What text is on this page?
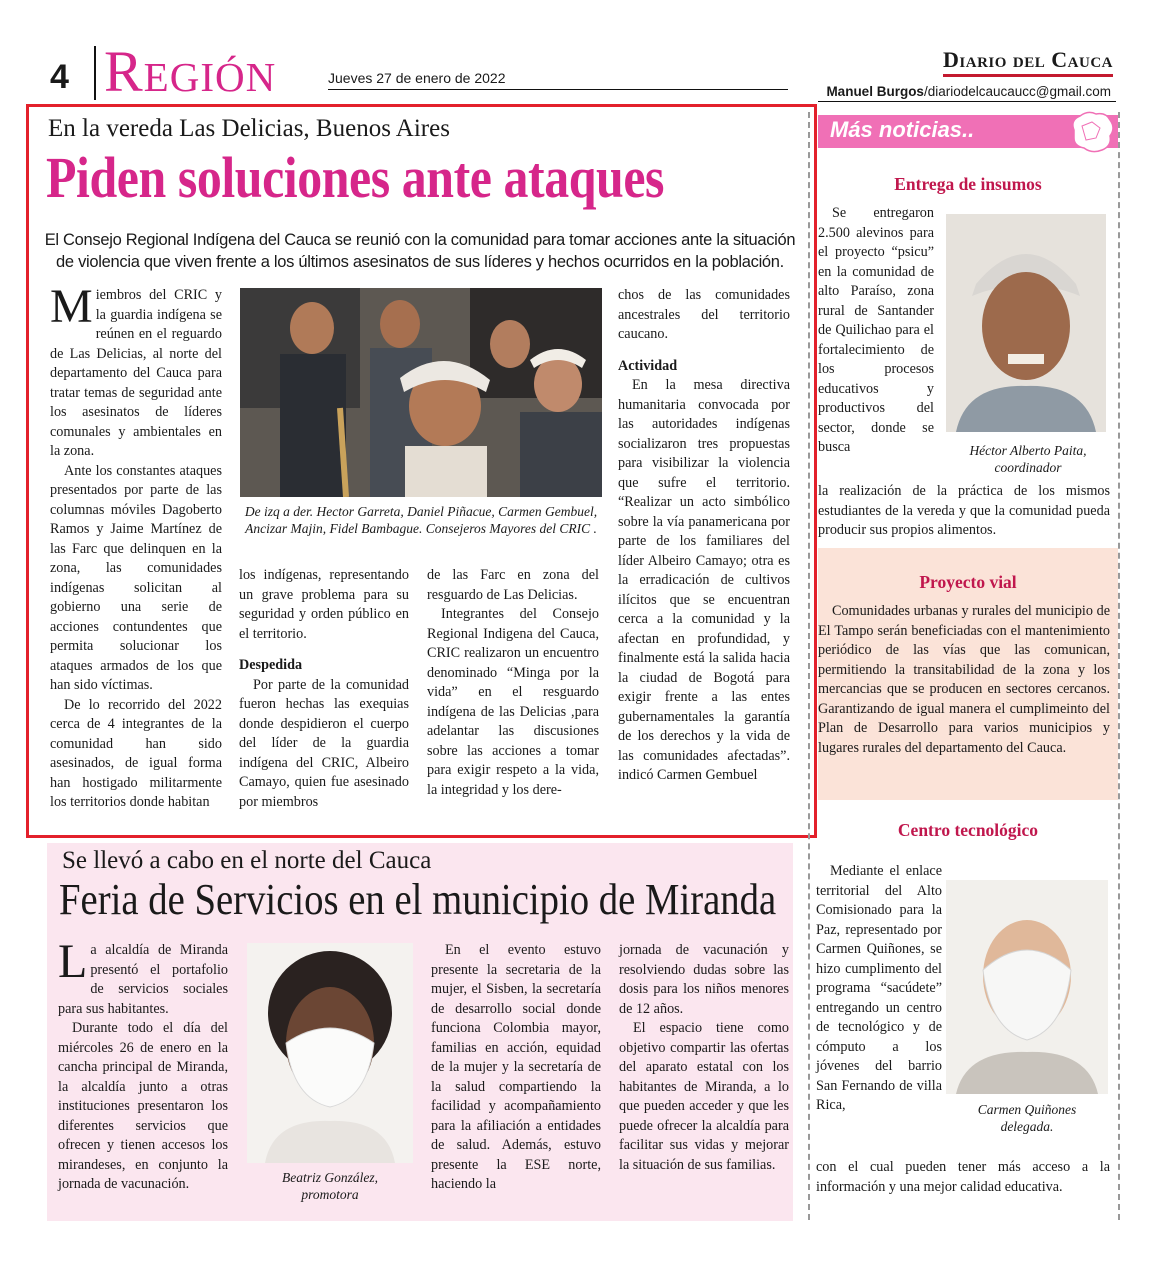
4 Región	Jueves 27 de enero de 2022
Diario del Cauca
Manuel Burgos/diariodelcaucaucc@gmail.com
En la vereda Las Delicias, Buenos Aires
Piden soluciones ante ataques
El Consejo Regional Indígena del Cauca se reunió con la comunidad para tomar acciones ante la situación
de violencia que viven frente a los últimos asesinatos de sus líderes y hechos ocurridos en la población.

Miembros del CRIC y la guardia indígena se reúnen en el reguardo de Las Delicias, al norte del departamento del Cauca para tratar temas de seguridad ante los asesinatos de líderes comunales y ambientales en la zona.

Ante los constantes ataques presentados por parte de las columnas móviles Dagoberto Ramos y Jaime Martínez de las Farc que delinquen en la zona, las comunidades indígenas solicitan al gobierno una serie de acciones contundentes que permita solucionar los ataques armados de los que han sido víctimas.

De lo recorrido del 2022 cerca de 4 integrantes de la comunidad han sido asesinados, de igual forma han hostigado militarmente los territorios donde habitan

De izq a der. Hector Garreta, Daniel Piñacue, Carmen Gembuel, Ancizar Majin, Fidel Bambague. Consejeros Mayores del CRIC .

los indígenas, representando un grave problema para su seguridad y orden público en el territorio.

Despedida

Por parte de la comunidad fueron hechas las exequias donde despidieron el cuerpo del líder de la guardia indígena del CRIC, Albeiro Camayo, quien fue asesinado por miembros

de las Farc en zona del resguardo de Las Delicias.

Integrantes del Consejo Regional Indigena del Cauca, CRIC realizaron un encuentro denominado “Minga por la vida” en el resguardo indígena de las Delicias ,para adelantar las discusiones sobre las acciones a tomar para exigir respeto a la vida, la integridad y los dere-

chos de las comunidades ancestrales del territorio caucano.

Actividad

En la mesa directiva humanitaria convocada por las autoridades indígenas socializaron tres propuestas para visibilizar la violencia que sufre el territorio. “Realizar un acto simbólico sobre la vía panamericana por parte de los familiares del líder Albeiro Camayo; otra es la erradicación de cultivos ilícitos que se encuentran cerca a la comunidad y la afectan en profundidad, y finalmente está la salida hacia la ciudad de Bogotá para exigir frente a las entes gubernamentales la garantía de los derechos y la vida de las comunidades afectadas”. indicó Carmen Gembuel

Más noticias..
Entrega de insumos

Se entregaron 2.500 alevinos para el proyecto “psicu” en la comunidad de alto Paraíso, zona rural de Santander de Quilichao para el fortalecimiento de los procesos educativos y productivos del sector, donde se busca	Héctor Alberto Paita,
coordinador
la realización de la práctica de los mismos estudiantes de la vereda y que la comunidad pueda producir sus propios alimentos.
Proyecto vial

Comunidades urbanas y rurales del municipio de El Tampo serán beneficiadas con el mantenimiento periódico de las vías que las comunican, permitiendo la transitabilidad de la zona y los mercancias que se producen en sectores cercanos. Garantizando de igual manera el cumplimeinto del Plan de Desarrollo para varios municipios y lugares rurales del departamento del Cauca.

Centro tecnológico

Mediante el enlace territorial del Alto Comisionado para la Paz, representado por Carmen Quiñones, se hizo cumplimento del programa “sacúdete” entregando un centro de tecnológico y de cómputo a los jóvenes del barrio San Fernando de villa Rica,	Carmen Quiñones
delegada.
con el cual pueden tener más acceso a la información y una mejor calidad educativa.
Se llevó a cabo en el norte del Cauca
Feria de Servicios en el municipio de Miranda

La alcaldía de Miranda presentó el portafolio de servicios sociales para sus habitantes.

Durante todo el día del miércoles 26 de enero en la cancha principal de Miranda, la alcaldía junto a otras instituciones presentaron los diferentes servicios que ofrecen y tienen accesos los mirandeses, en conjunto la jornada de vacunación.	Beatriz González,
promotora

En el evento estuvo presente la secretaria de la mujer, el Sisben, la secretaría de desarrollo social donde funciona Colombia mayor, familias en acción, equidad de la mujer y la secretaría de la salud compartiendo la facilidad y acompañamiento para la afiliación a entidades de salud. Además, estuvo presente la ESE norte, haciendo la

jornada de vacunación y resolviendo dudas sobre las dosis para los niños menores de 12 años.

El espacio tiene como objetivo compartir las ofertas del aparato estatal con los habitantes de Miranda, a lo que pueden acceder y que les puede ofrecer la alcaldía para facilitar sus vidas y mejorar la situación de sus familias.
